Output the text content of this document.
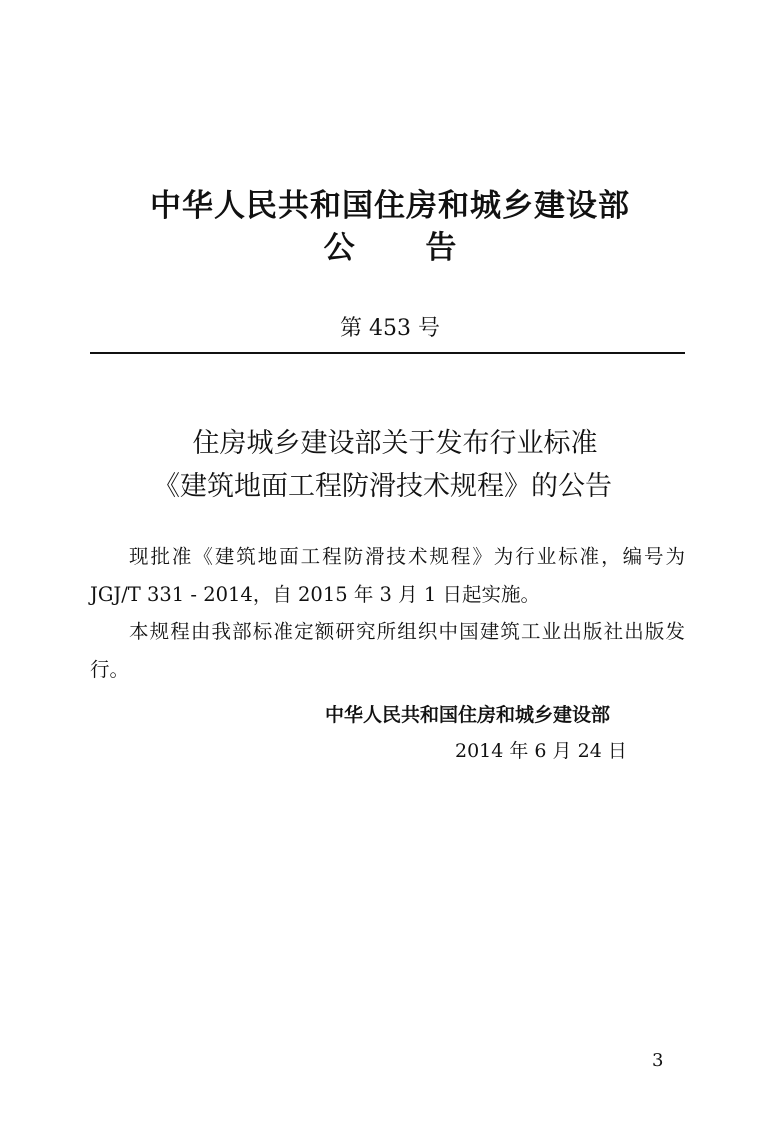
中华人民共和国住房和城乡建设部
公 告
第 453 号
住房城乡建设部关于发布行业标准
《建筑地面工程防滑技术规程》的公告

现批准《建筑地面工程防滑技术规程》为行业标准，编号为 JGJ/T 331 - 2014，自 2015 年 3 月 1 日起实施。

本规程由我部标准定额研究所组织中国建筑工业出版社出版发行。

中华人民共和国住房和城乡建设部
2014 年 6 月 24 日
3
